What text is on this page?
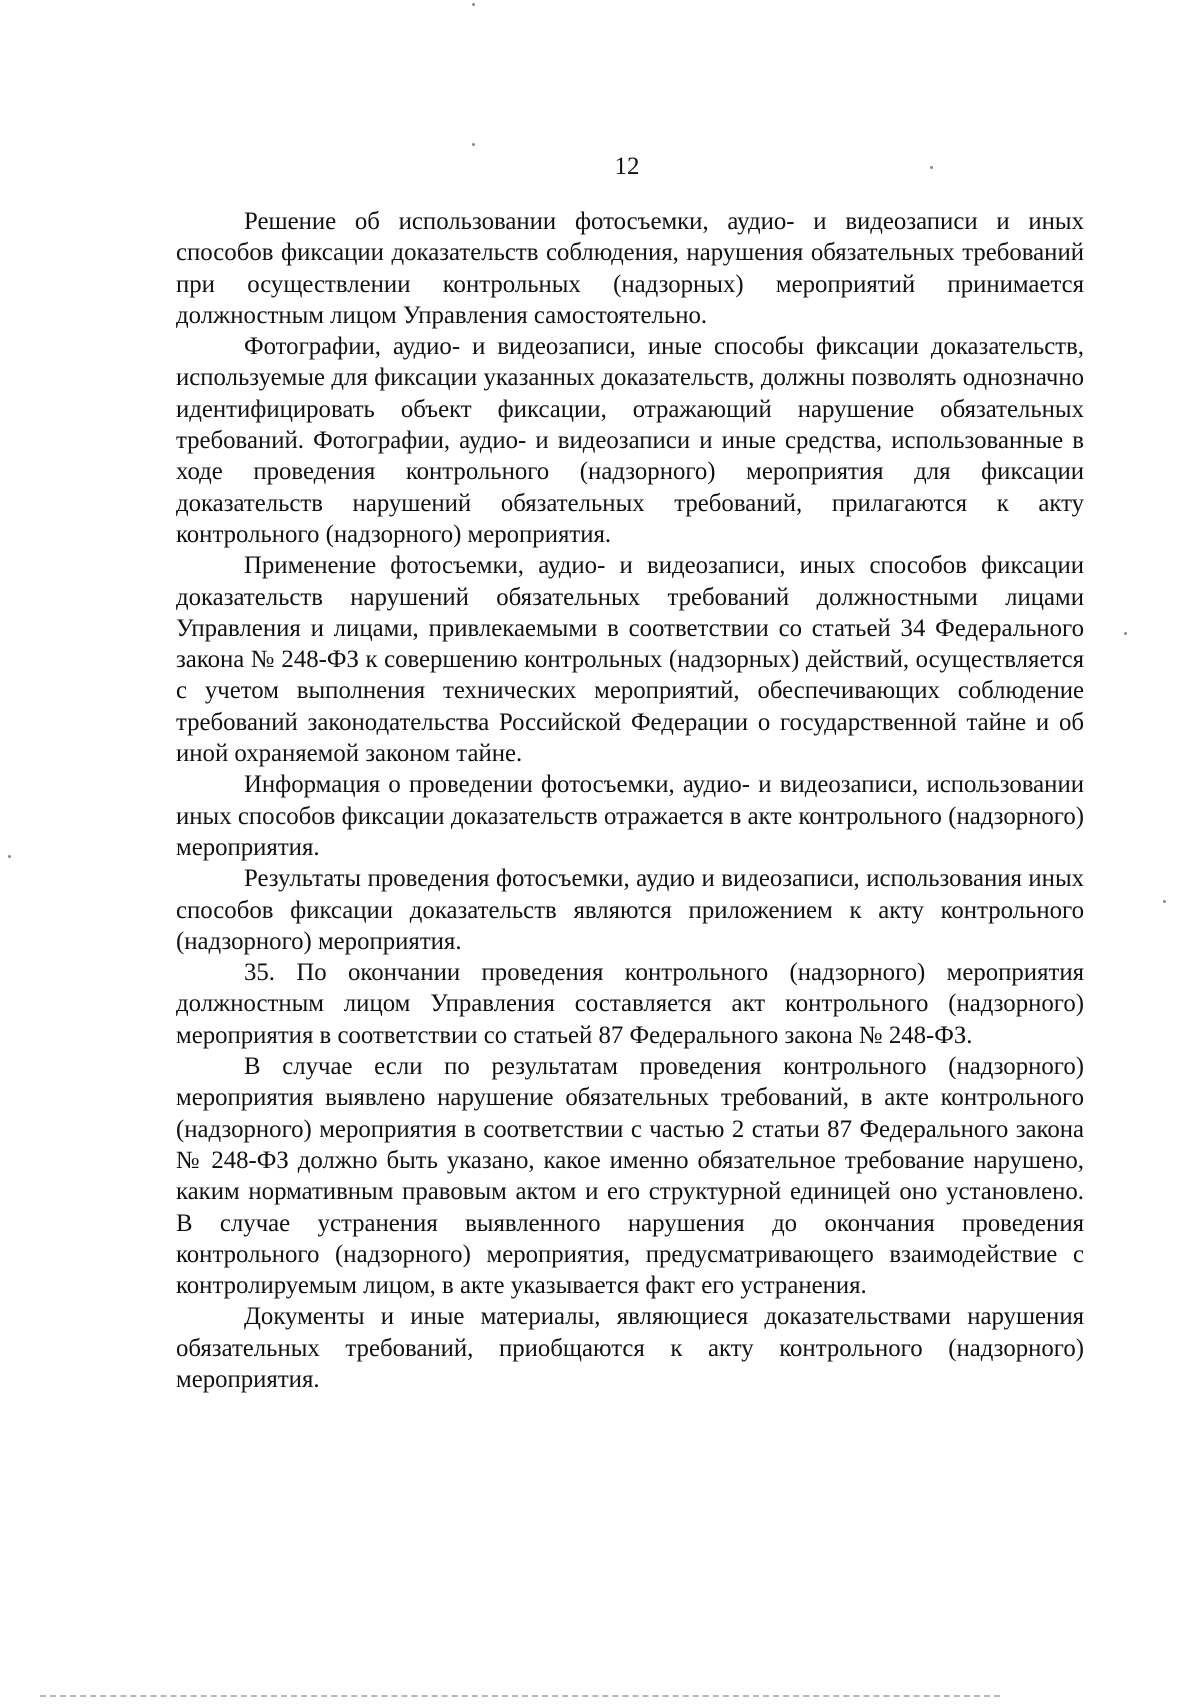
12

Решение об использовании фотосъемки, аудио- и видеозаписи и иных способов фиксации доказательств соблюдения, нарушения обязательных требований при осуществлении контрольных (надзорных) мероприятий принимается должностным лицом Управления самостоятельно.

Фотографии, аудио- и видеозаписи, иные способы фиксации доказательств, используемые для фиксации указанных доказательств, должны позволять однозначно идентифицировать объект фиксации, отражающий нарушение обязательных требований. Фотографии, аудио- и видеозаписи и иные средства, использованные в ходе проведения контрольного (надзорного) мероприятия для фиксации доказательств нарушений обязательных требований, прилагаются к акту контрольного (надзорного) мероприятия.

Применение фотосъемки, аудио- и видеозаписи, иных способов фиксации доказательств нарушений обязательных требований должностными лицами Управления и лицами, привлекаемыми в соответствии со статьей 34 Федерального закона № 248-ФЗ к совершению контрольных (надзорных) действий, осуществляется с учетом выполнения технических мероприятий, обеспечивающих соблюдение требований законодательства Российской Федерации о государственной тайне и об иной охраняемой законом тайне.

Информация о проведении фотосъемки, аудио- и видеозаписи, использовании иных способов фиксации доказательств отражается в акте контрольного (надзорного) мероприятия.

Результаты проведения фотосъемки, аудио и видеозаписи, использования иных способов фиксации доказательств являются приложением к акту контрольного (надзорного) мероприятия.

35. По окончании проведения контрольного (надзорного) мероприятия должностным лицом Управления составляется акт контрольного (надзорного) мероприятия в соответствии со статьей 87 Федерального закона № 248-ФЗ.

В случае если по результатам проведения контрольного (надзорного) мероприятия выявлено нарушение обязательных требований, в акте контрольного (надзорного) мероприятия в соответствии с частью 2 статьи 87 Федерального закона № 248-ФЗ должно быть указано, какое именно обязательное требование нарушено, каким нормативным правовым актом и его структурной единицей оно установлено. В случае устранения выявленного нарушения до окончания проведения контрольного (надзорного) мероприятия, предусматривающего взаимодействие с контролируемым лицом, в акте указывается факт его устранения.

Документы и иные материалы, являющиеся доказательствами нарушения обязательных требований, приобщаются к акту контрольного (надзорного) мероприятия.
